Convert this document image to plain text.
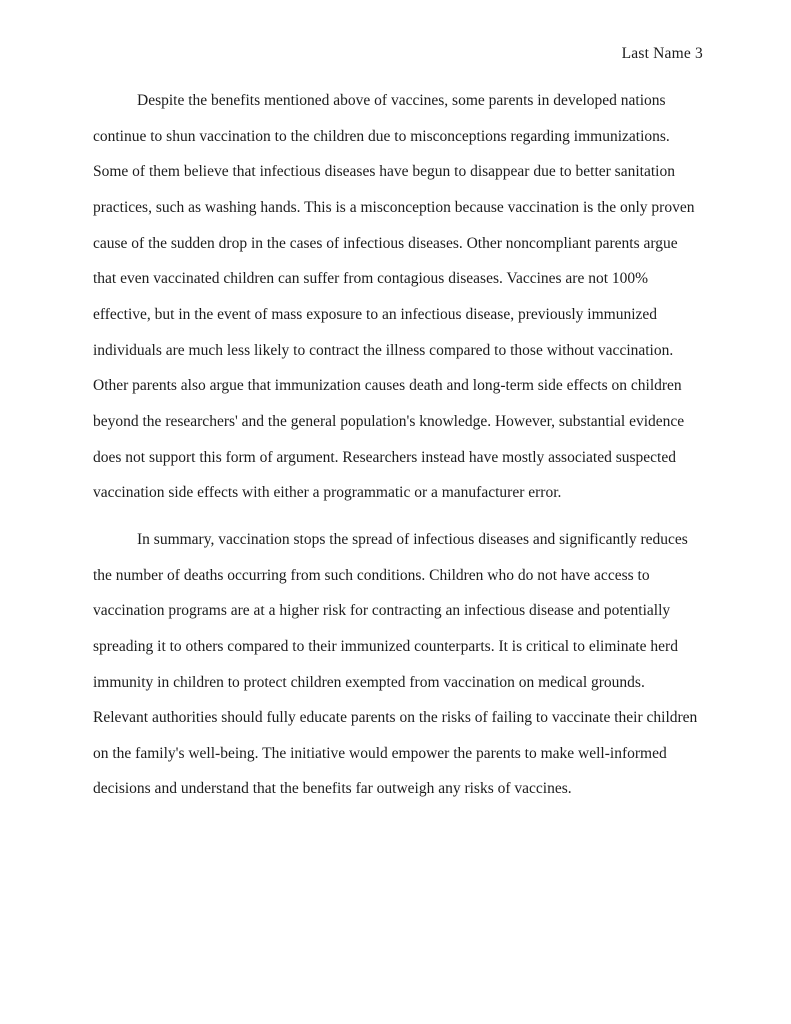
Last Name 3

Despite the benefits mentioned above of vaccines, some parents in developed nations continue to shun vaccination to the children due to misconceptions regarding immunizations. Some of them believe that infectious diseases have begun to disappear due to better sanitation practices, such as washing hands. This is a misconception because vaccination is the only proven cause of the sudden drop in the cases of infectious diseases. Other noncompliant parents argue that even vaccinated children can suffer from contagious diseases. Vaccines are not 100% effective, but in the event of mass exposure to an infectious disease, previously immunized individuals are much less likely to contract the illness compared to those without vaccination. Other parents also argue that immunization causes death and long-term side effects on children beyond the researchers' and the general population's knowledge. However, substantial evidence does not support this form of argument. Researchers instead have mostly associated suspected vaccination side effects with either a programmatic or a manufacturer error.

In summary, vaccination stops the spread of infectious diseases and significantly reduces the number of deaths occurring from such conditions. Children who do not have access to vaccination programs are at a higher risk for contracting an infectious disease and potentially spreading it to others compared to their immunized counterparts. It is critical to eliminate herd immunity in children to protect children exempted from vaccination on medical grounds. Relevant authorities should fully educate parents on the risks of failing to vaccinate their children on the family's well-being. The initiative would empower the parents to make well-informed decisions and understand that the benefits far outweigh any risks of vaccines.
